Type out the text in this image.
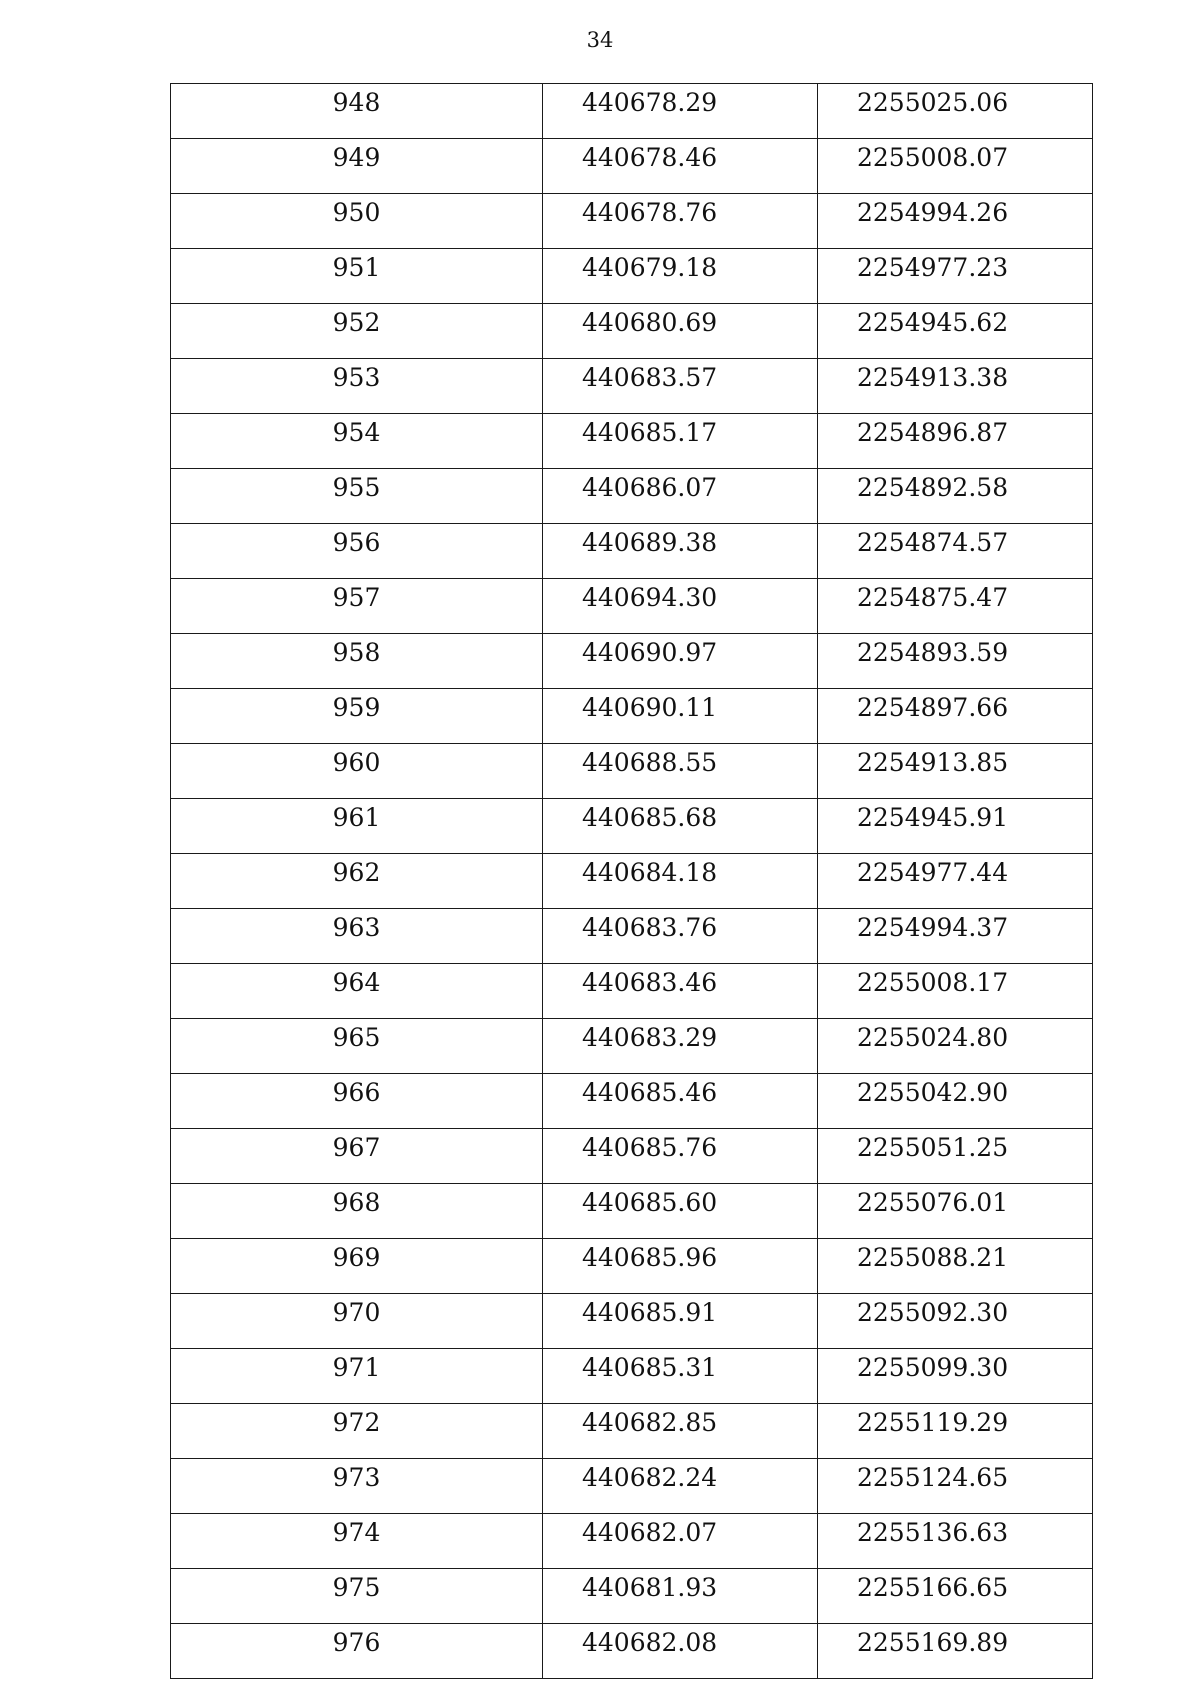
34
948	440678.29	2255025.06
949	440678.46	2255008.07
950	440678.76	2254994.26
951	440679.18	2254977.23
952	440680.69	2254945.62
953	440683.57	2254913.38
954	440685.17	2254896.87
955	440686.07	2254892.58
956	440689.38	2254874.57
957	440694.30	2254875.47
958	440690.97	2254893.59
959	440690.11	2254897.66
960	440688.55	2254913.85
961	440685.68	2254945.91
962	440684.18	2254977.44
963	440683.76	2254994.37
964	440683.46	2255008.17
965	440683.29	2255024.80
966	440685.46	2255042.90
967	440685.76	2255051.25
968	440685.60	2255076.01
969	440685.96	2255088.21
970	440685.91	2255092.30
971	440685.31	2255099.30
972	440682.85	2255119.29
973	440682.24	2255124.65
974	440682.07	2255136.63
975	440681.93	2255166.65
976	440682.08	2255169.89
